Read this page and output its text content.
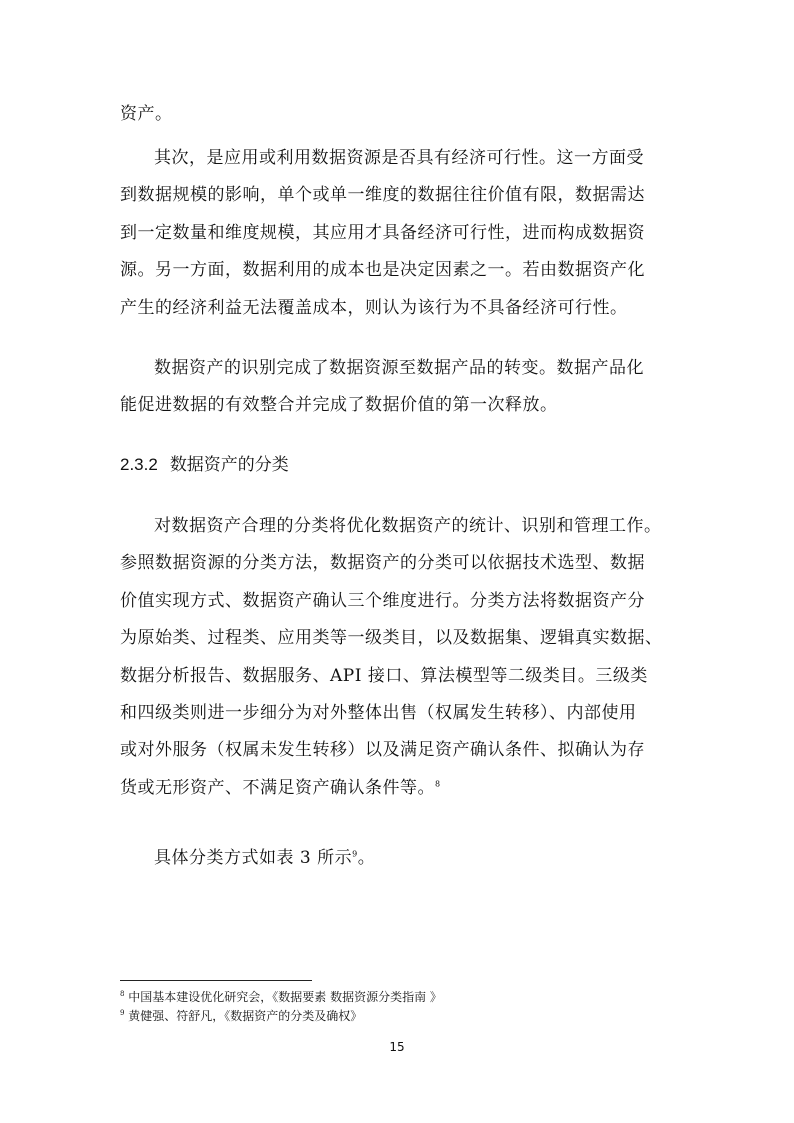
资产。

其次，是应用或利用数据资源是否具有经济可行性。这一方面受
到数据规模的影响，单个或单一维度的数据往往价值有限，数据需达
到一定数量和维度规模，其应用才具备经济可行性，进而构成数据资
源。另一方面，数据利用的成本也是决定因素之一。若由数据资产化
产生的经济利益无法覆盖成本，则认为该行为不具备经济可行性。

数据资产的识别完成了数据资源至数据产品的转变。数据产品化
能促进数据的有效整合并完成了数据价值的第一次释放。

2.3.2 数据资产的分类

对数据资产合理的分类将优化数据资产的统计、识别和管理工作。
参照数据资源的分类方法，数据资产的分类可以依据技术选型、数据
价值实现方式、数据资产确认三个维度进行。分类方法将数据资产分
为原始类、过程类、应用类等一级类目，以及数据集、逻辑真实数据、
数据分析报告、数据服务、API 接口、算法模型等二级类目。三级类
和四级类则进一步细分为对外整体出售（权属发生转移）、内部使用
或对外服务（权属未发生转移）以及满足资产确认条件、拟确认为存
货或无形资产、不满足资产确认条件等。$^8$

具体分类方式如表 3 所示$^9$。

$^8$ 中国基本建设优化研究会，《数据要素 数据资源分类指南 》
$^9$ 黄健强、符舒凡，《数据资产的分类及确权》
15
